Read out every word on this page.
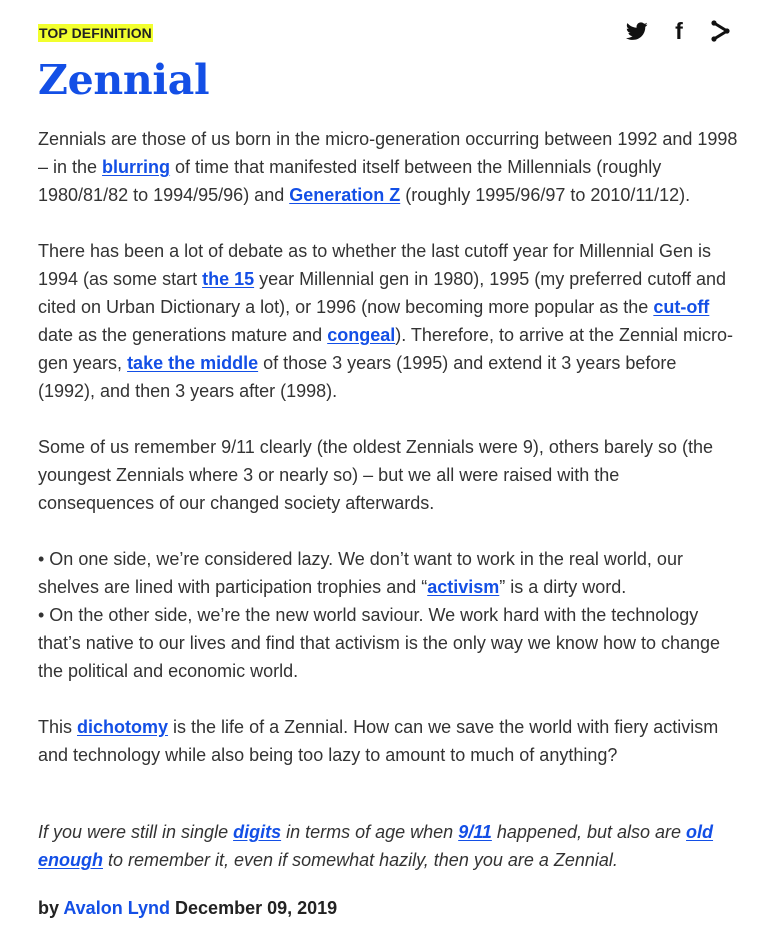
TOP DEFINITION	f
Zennial

Zennials are those of us born in the micro-generation occurring between 1992 and 1998 – in the blurring of time that manifested itself between the Millennials (roughly 1980/81/82 to 1994/95/96) and Generation Z (roughly 1995/96/97 to 2010/11/12).

There has been a lot of debate as to whether the last cutoff year for Millennial Gen is 1994 (as some start the 15 year Millennial gen in 1980), 1995 (my preferred cutoff and cited on Urban Dictionary a lot), or 1996 (now becoming more popular as the cut-off date as the generations mature and congeal). Therefore, to arrive at the Zennial micro-gen years, take the middle of those 3 years (1995) and extend it 3 years before (1992), and then 3 years after (1998).

Some of us remember 9/11 clearly (the oldest Zennials were 9), others barely so (the youngest Zennials where 3 or nearly so) – but we all were raised with the consequences of our changed society afterwards.

• On one side, we’re considered lazy. We don’t want to work in the real world, our shelves are lined with participation trophies and “activism” is a dirty word.
• On the other side, we’re the new world saviour. We work hard with the technology that’s native to our lives and find that activism is the only way we know how to change the political and economic world.

This dichotomy is the life of a Zennial. How can we save the world with fiery activism and technology while also being too lazy to amount to much of anything?

If you were still in single digits in terms of age when 9/11 happened, but also are old enough to remember it, even if somewhat hazily, then you are a Zennial.
by Avalon Lynd December 09, 2019
